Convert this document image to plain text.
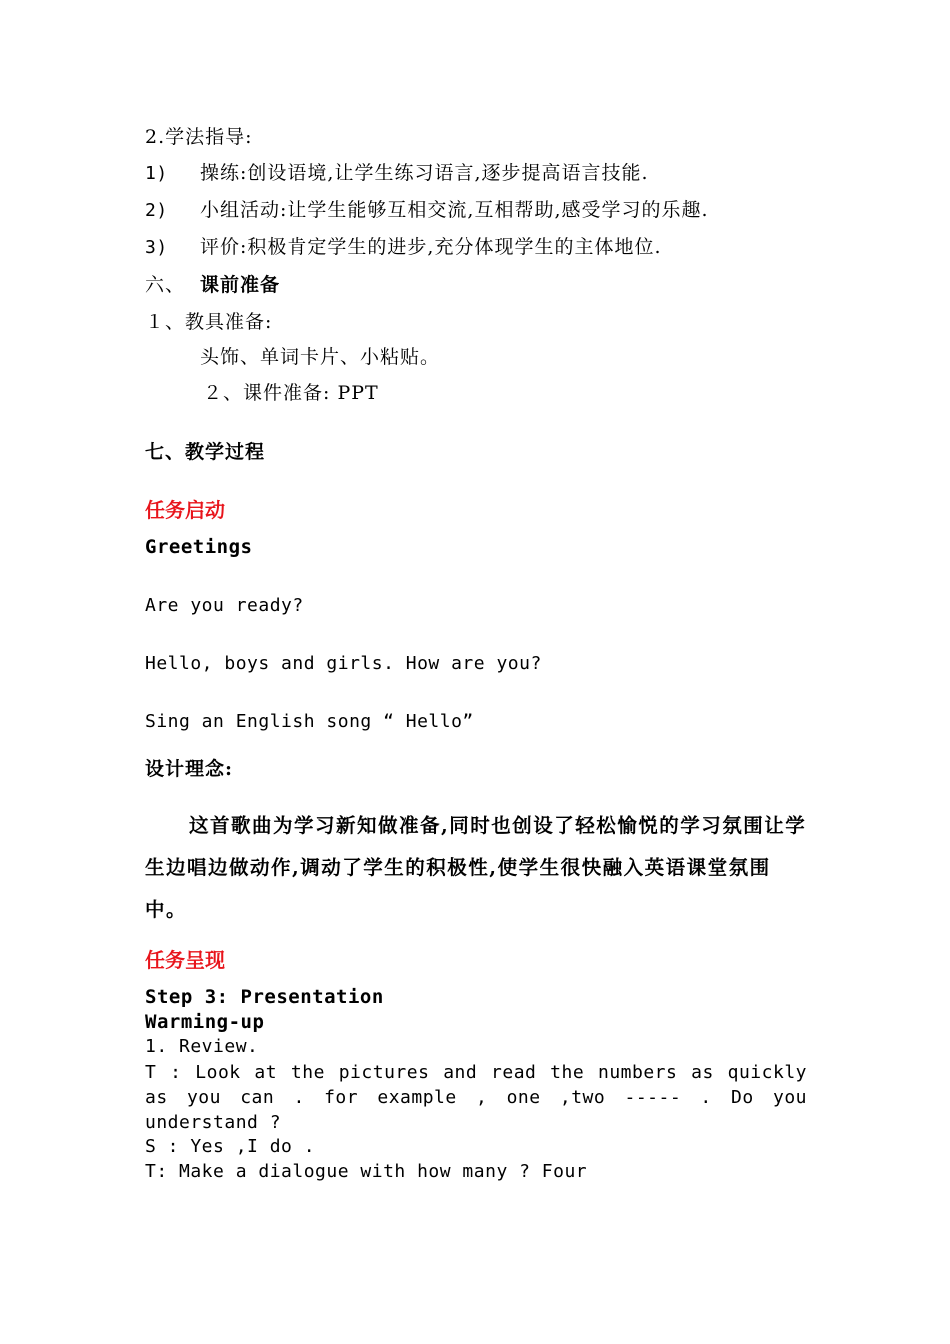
2.学法指导:
1) 操练:创设语境,让学生练习语言,逐步提高语言技能.
2) 小组活动:让学生能够互相交流,互相帮助,感受学习的乐趣.
3) 评价:积极肯定学生的进步,充分体现学生的主体地位.
六、 课前准备
１、教具准备:
头饰、单词卡片、小粘贴。
２、课件准备: PPT
七、教学过程
任务启动
Greetings
Are you ready?
Hello, boys and girls. How are you?
Sing an English song “ Hello”
设计理念:
这首歌曲为学习新知做准备,同时也创设了轻松愉悦的学习氛围让学生边唱边做动作,调动了学生的积极性,使学生很快融入英语课堂氛围中。
任务呈现
Step 3: Presentation
Warming-up
1. Review.
T : Look at the pictures and read the numbers as quickly as you can . for example , one ,two ----- . Do you understand ?
S : Yes ,I do .
T: Make a dialogue with how many ? Four
